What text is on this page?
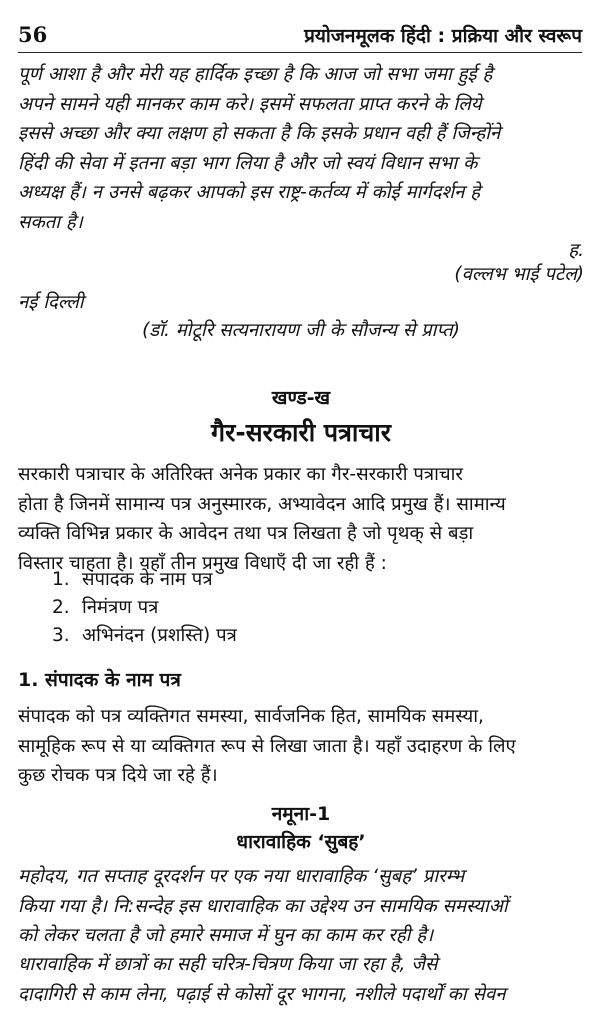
56	प्रयोजनमूलक हिंदी : प्रक्रिया और स्वरूप

पूर्ण आशा है और मेरी यह हार्दिक इच्छा है कि आज जो सभा जमा हुई है

अपने सामने यही मानकर काम करे। इसमें सफलता प्राप्त करने के लिये

इससे अच्छा और क्या लक्षण हो सकता है कि इसके प्रधान वही हैं जिन्होंने

हिंदी की सेवा में इतना बड़ा भाग लिया है और जो स्वयं विधान सभा के

अध्यक्ष हैं। न उनसे बढ़कर आपको इस राष्ट्र-कर्तव्य में कोई मार्गदर्शन हे

सकता है।

ह.
(वल्लभ भाई पटेल)
नई दिल्ली
(डॉ. मोटूरि सत्यनारायण जी के सौजन्य से प्राप्त)
खण्ड-ख
गैर-सरकारी पत्राचार

सरकारी पत्राचार के अतिरिक्त अनेक प्रकार का गैर-सरकारी पत्राचार

होता है जिनमें सामान्य पत्र अनुस्मारक, अभ्यावेदन आदि प्रमुख हैं। सामान्य

व्यक्ति विभिन्न प्रकार के आवेदन तथा पत्र लिखता है जो पृथक् से बड़ा

विस्तार चाहता है। यहाँ तीन प्रमुख विधाएँ दी जा रही हैं :

1. संपादक के नाम पत्र
2. निमंत्रण पत्र
3. अभिनंदन (प्रशस्ति) पत्र
1. संपादक के नाम पत्र

संपादक को पत्र व्यक्तिगत समस्या, सार्वजनिक हित, सामयिक समस्या,

सामूहिक रूप से या व्यक्तिगत रूप से लिखा जाता है। यहाँ उदाहरण के लिए

कुछ रोचक पत्र दिये जा रहे हैं।

नमूना-1
धारावाहिक ‘सुबह’

महोदय, गत सप्ताह दूरदर्शन पर एक नया धारावाहिक ‘सुबह’ प्रारम्भ

किया गया है। नि:सन्देह इस धारावाहिक का उद्देश्य उन सामयिक समस्याओं

को लेकर चलता है जो हमारे समाज में घुन का काम कर रही है।

धारावाहिक में छात्रों का सही चरित्र-चित्रण किया जा रहा है, जैसे

दादागिरी से काम लेना, पढ़ाई से कोसों दूर भागना, नशीले पदार्थों का सेवन
